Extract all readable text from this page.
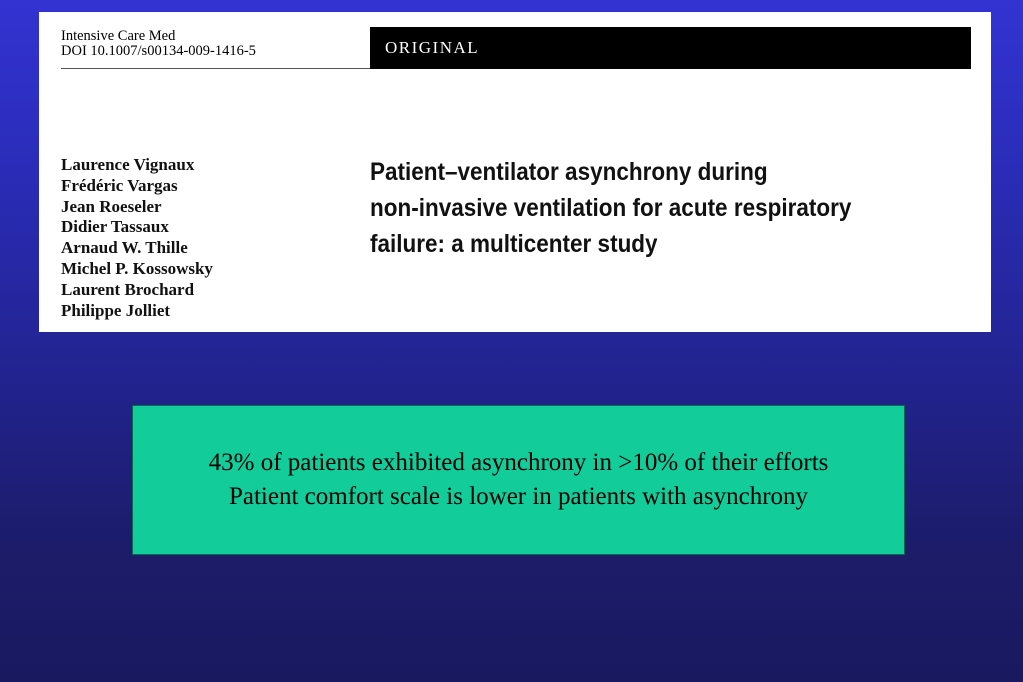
Intensive Care Med
DOI 10.1007/s00134-009-1416-5	ORIGINAL
Laurence Vignaux
Frédéric Vargas
Jean Roeseler
Didier Tassaux
Arnaud W. Thille
Michel P. Kossowsky
Laurent Brochard
Philippe Jolliet
Patient–ventilator asynchrony during
non-invasive ventilation for acute respiratory
failure: a multicenter study
43% of patients exhibited asynchrony in >10% of their efforts
Patient comfort scale is lower in patients with asynchrony
